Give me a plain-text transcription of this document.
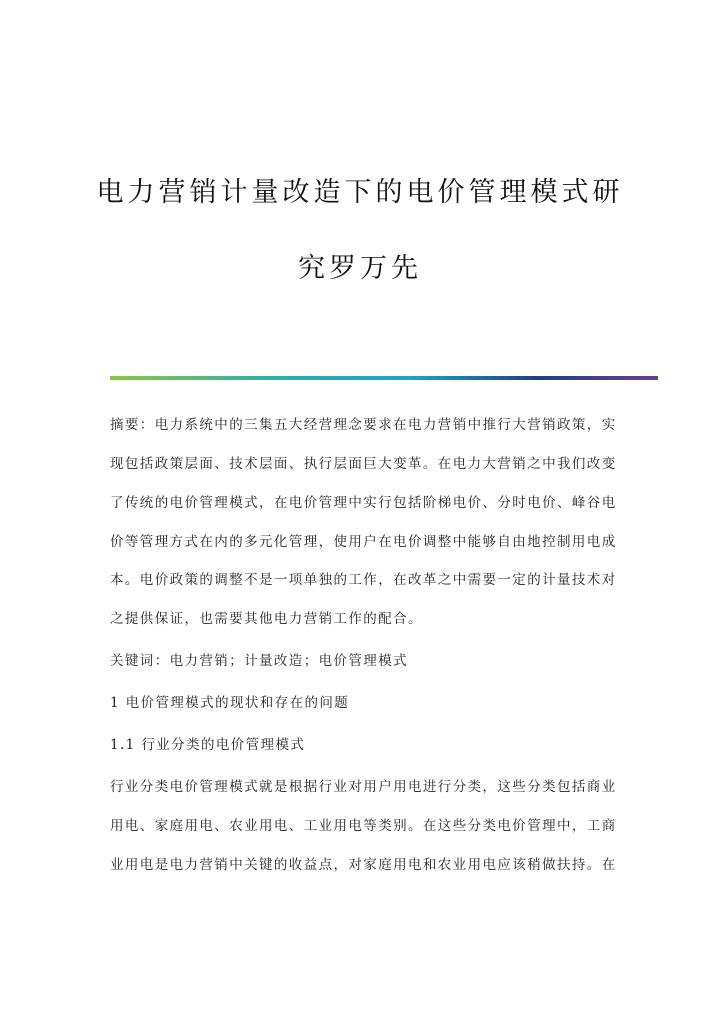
电力营销计量改造下的电价管理模式研
究罗万先
摘要：电力系统中的三集五大经营理念要求在电力营销中推行大营销政策，实
现包括政策层面、技术层面、执行层面巨大变革。在电力大营销之中我们改变
了传统的电价管理模式，在电价管理中实行包括阶梯电价、分时电价、峰谷电
价等管理方式在内的多元化管理，使用户在电价调整中能够自由地控制用电成
本。电价政策的调整不是一项单独的工作，在改革之中需要一定的计量技术对
之提供保证，也需要其他电力营销工作的配合。
关键词：电力营销；计量改造；电价管理模式
1 电价管理模式的现状和存在的问题
1.1 行业分类的电价管理模式
行业分类电价管理模式就是根据行业对用户用电进行分类，这些分类包括商业
用电、家庭用电、农业用电、工业用电等类别。在这些分类电价管理中，工商
业用电是电力营销中关键的收益点，对家庭用电和农业用电应该稍做扶持。在
